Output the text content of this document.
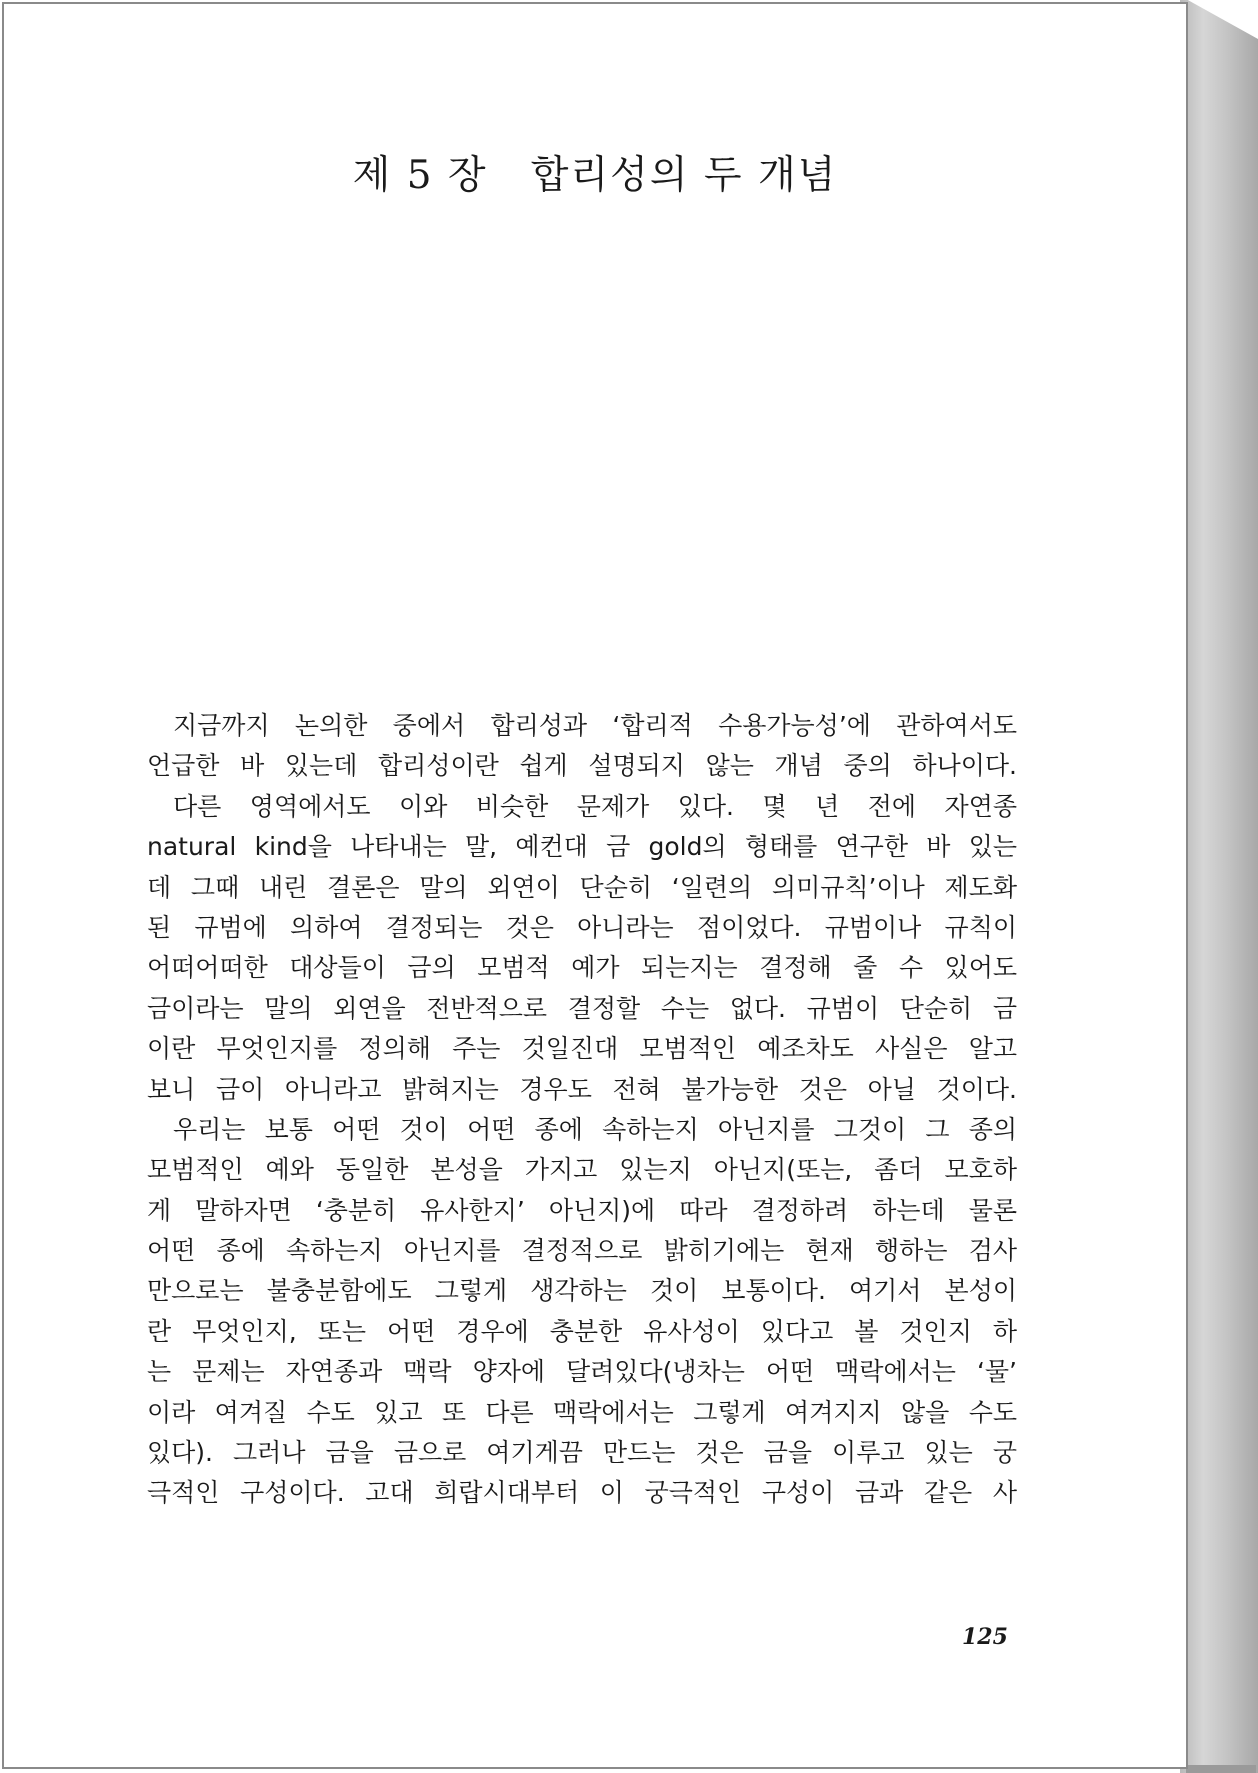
제 5 장   합리성의 두 개념
지금까지 논의한 중에서 합리성과 ‘합리적 수용가능성’에 관하여서도
언급한 바 있는데 합리성이란 쉽게 설명되지 않는 개념 중의 하나이다.
다른 영역에서도 이와 비슷한 문제가 있다. 몇 년 전에 자연종
natural kind을 나타내는 말, 예컨대 금 gold의 형태를 연구한 바 있는
데 그때 내린 결론은 말의 외연이 단순히 ‘일련의 의미규칙’이나 제도화
된 규범에 의하여 결정되는 것은 아니라는 점이었다. 규범이나 규칙이
어떠어떠한 대상들이 금의 모범적 예가 되는지는 결정해 줄 수 있어도
금이라는 말의 외연을 전반적으로 결정할 수는 없다. 규범이 단순히 금
이란 무엇인지를 정의해 주는 것일진대 모범적인 예조차도 사실은 알고
보니 금이 아니라고 밝혀지는 경우도 전혀 불가능한 것은 아닐 것이다.
우리는 보통 어떤 것이 어떤 종에 속하는지 아닌지를 그것이 그 종의
모범적인 예와 동일한 본성을 가지고 있는지 아닌지(또는, 좀더 모호하
게 말하자면 ‘충분히 유사한지’ 아닌지)에 따라 결정하려 하는데 물론
어떤 종에 속하는지 아닌지를 결정적으로 밝히기에는 현재 행하는 검사
만으로는 불충분함에도 그렇게 생각하는 것이 보통이다. 여기서 본성이
란 무엇인지, 또는 어떤 경우에 충분한 유사성이 있다고 볼 것인지 하
는 문제는 자연종과 맥락 양자에 달려있다(냉차는 어떤 맥락에서는 ‘물’
이라 여겨질 수도 있고 또 다른 맥락에서는 그렇게 여겨지지 않을 수도
있다). 그러나 금을 금으로 여기게끔 만드는 것은 금을 이루고 있는 궁
극적인 구성이다. 고대 희랍시대부터 이 궁극적인 구성이 금과 같은 사
125
